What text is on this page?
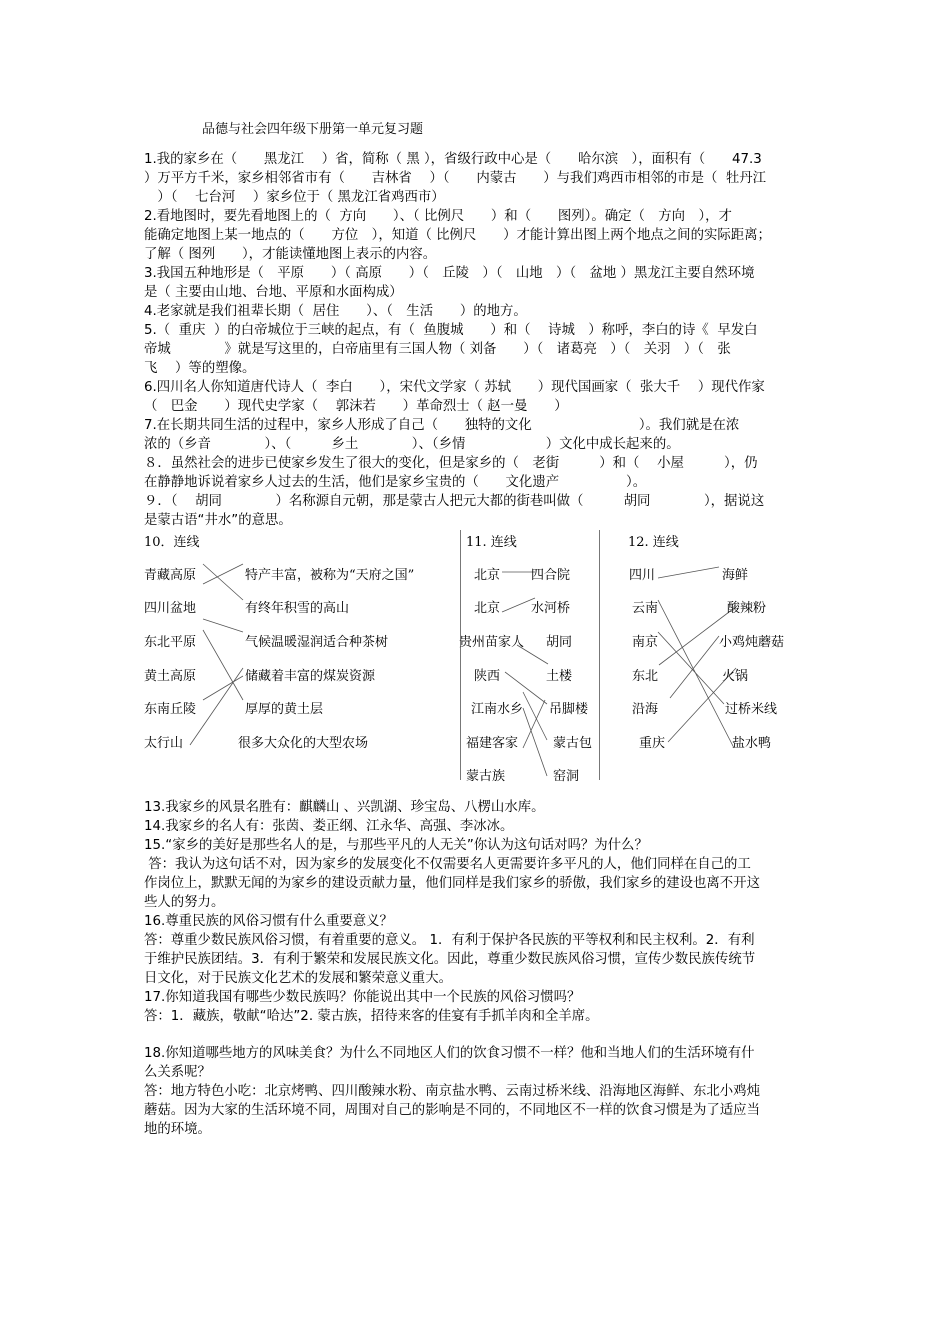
品德与社会四年级下册第一单元复习题
1.我的家乡在（　　黑龙江　 ）省，简称（ 黑 ），省级行政中心是（　　哈尔滨　），面积有（　　47.3
）万平方千米，家乡相邻省市有（　　吉林省　 ）（　　内蒙古　　）与我们鸡西市相邻的市是（  牡丹江
　）（　 七台河　 ）家乡位于（ 黑龙江省鸡西市）
2.看地图时，要先看地图上的（  方向　　）、（ 比例尺　　）和（　　图列）。确定（　方向　），才
能确定地图上某一地点的（　　方位　），知道（ 比例尺　　）才能计算出图上两个地点之间的实际距离；
了解（ 图列　　），才能读懂地图上表示的内容。
3.我国五种地形是（　平原　　）（ 高原　　）（　丘陵　）（　山地　）（　盆地 ）黑龙江主要自然环境
是（ 主要由山地、台地、平原和水面构成）
4.老家就是我们祖辈长期（  居住　　）、（　生活　　）的地方。
5.（  重庆  ）的白帝城位于三峡的起点，有（  鱼腹城　　）和（　 诗城　）称呼，李白的诗《  早发白
帝城　　　　》就是写这里的，白帝庙里有三国人物（ 刘备　　）（　诸葛亮　）（　关羽　）（　张
飞　 ）等的塑像。
6.四川名人你知道唐代诗人（  李白　　），宋代文学家（ 苏轼　　）现代国画家（  张大千　 ）现代作家
（　巴金　　）现代史学家（　 郭沫若　　）革命烈士（ 赵一曼　　）
7.在长期共同生活的过程中，家乡人形成了自己（　　独特的文化　　　　　　　　）。我们就是在浓
浓的（乡音　　　　）、（　　　乡土　　　　）、（乡情　　　　　　）文化中成长起来的。
８．虽然社会的进步已使家乡发生了很大的变化，但是家乡的（　老街　　　）和（　 小屋　　　），仍
在静静地诉说着家乡人过去的生活，他们是家乡宝贵的（　　文化遗产　　　　　）。
９．（　 胡同　　　　）名称源自元朝，那是蒙古人把元大都的街巷叫做（　　　胡同　　　　），据说这
是蒙古语“井水”的意思。
10．连线
青藏高原
四川盆地
东北平原
黄土高原
东南丘陵
太行山
特产丰富，被称为“天府之国”
有终年积雪的高山
气候温暖湿润适合种茶树
储藏着丰富的煤炭资源
厚厚的黄土层
很多大众化的大型农场
11. 连线
北京
北京
贵州苗家人
陕西
江南水乡
福建客家
蒙古族
四合院
水河桥
胡同
土楼
吊脚楼
蒙古包
窑洞
12. 连线
四川
云南
南京
东北
沿海
重庆
海鲜
酸辣粉
小鸡炖蘑菇
火锅
过桥米线
盐水鸭
13.我家乡的风景名胜有：麒麟山 、兴凯湖、珍宝岛、八楞山水库。
14.我家乡的名人有：张茵、娄正纲、江永华、高强、李冰冰。
15.“家乡的美好是那些名人的是，与那些平凡的人无关”你认为这句话对吗？为什么？
答：我认为这句话不对，因为家乡的发展变化不仅需要名人更需要许多平凡的人，他们同样在自己的工
作岗位上，默默无闻的为家乡的建设贡献力量，他们同样是我们家乡的骄傲，我们家乡的建设也离不开这
些人的努力。
16.尊重民族的风俗习惯有什么重要意义？
答：尊重少数民族风俗习惯，有着重要的意义。 1．有利于保护各民族的平等权利和民主权利。2．有利
于维护民族团结。3．有利于繁荣和发展民族文化。因此，尊重少数民族风俗习惯，宣传少数民族传统节
日文化，对于民族文化艺术的发展和繁荣意义重大。
17.你知道我国有哪些少数民族吗？你能说出其中一个民族的风俗习惯吗？
答：1．藏族，敬献“哈达”2. 蒙古族，招待来客的佳宴有手抓羊肉和全羊席。
18.你知道哪些地方的风味美食？为什么不同地区人们的饮食习惯不一样？他和当地人们的生活环境有什
么关系呢？
答：地方特色小吃：北京烤鸭、四川酸辣水粉、南京盐水鸭、云南过桥米线、沿海地区海鲜、东北小鸡炖
蘑菇。因为大家的生活环境不同，周围对自己的影响是不同的，不同地区不一样的饮食习惯是为了适应当
地的环境。
